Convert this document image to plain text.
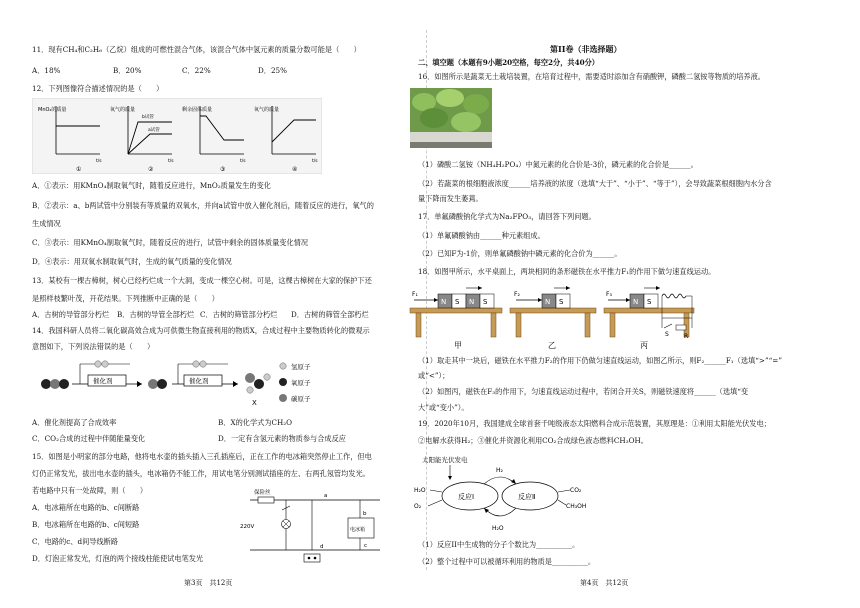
11．现有CH₄和C₂H₆（乙烷）组成的可燃性混合气体，该混合气体中氢元素的质量分数可能是（　　）
A．18%	B．20%	C．22%	D．25%
12．下列图像符合描述情况的是（　　）
MnO₂的质量
t/s
①
氧气的质量
b试管
a试管
t/s
②
剩余固体质量
t/s
③
氧气的质量
t/s
④
A．①表示：用KMnO₄制取氧气时，随着反应进行，MnO₂质量发生的变化
B．②表示：a、b两试管中分别装有等质量的双氧水，并向a试管中放入催化剂后，随着反应的进行，氧气的
生成情况
C．③表示：用KMnO₄制取氧气时，随着反应的进行，试管中剩余的固体质量变化情况
D．④表示：用双氧水制取氧气时，生成的氧气质量的变化情况
13．某校有一棵古樟树，树心已经朽烂成一个大洞，变成一棵空心树。可是，这棵古樟树在大家的保护下还
是照样枝繁叶茂，开花结果。下列推断中正确的是（　　）
A．古树的导管部分朽烂 B．古树的导管全部朽烂 C．古树的筛管部分朽烂 D．古树的筛管全部朽烂
14．我国科研人员将二氧化碳高效合成为可供微生物直接利用的物质X，合成过程中主要物质转化的微观示
意图如下，下列说法错误的是（　　）
催化剂	催化剂
X
氢原子
氧原子
碳原子
A．催化剂提高了合成效率	B．X的化学式为CH₂O
C．CO₂合成的过程中伴随能量变化	D．一定有含氢元素的物质参与合成反应
15．如图是小明家的部分电路，他将电水壶的插头插入三孔插座后，正在工作的电冰箱突然停止工作，但电
灯仍正常发光，拔出电水壶的插头，电冰箱仍不能工作，用试电笔分别测试插座的左、右两孔氖管均发光。
若电路中只有一处故障，则（　　）
A．电冰箱所在电路的b、c间断路
B．电冰箱所在电路的b、c间短路
C．电路的c、d间导线断路
D．灯泡正常发光，灯泡的两个接线柱能使试电笔发光
保险丝	a
220V
d
电冰箱
b
c
第3页　共12页
第II卷（非选择题）
二、填空题（本题有9小题20空格，每空2分，共40分）
16．如图所示是蔬菜无土栽培装置，在培育过程中，需要适时添加含有硝酸钾，磷酸二氢铵等物质的培养液。
（1）磷酸二氢铵（NH₄H₂PO₄）中氮元素的化合价是-3价，磷元素的化合价是______。
（2）若蔬菜的根细胞液浓度______培养液的浓度（选填“大于”、“小于”、“等于”），会导致蔬菜根细胞内水分含
量下降而发生萎蔫。
17．单氟磷酸钠化学式为Na₂FPO₃，请回答下列问题。
（1）单氟磷酸钠由______种元素组成。
（2）已知F为-1价，则单氟磷酸钠中磷元素的化合价为______。
18．如图甲所示，水平桌面上，两块相同的条形磁铁在水平推力F₁的作用下做匀速直线运动。
F₁
N S N S
甲
F₂
N S
乙
F₃
N S
S	R
丙
（1）取走其中一块后，磁铁在水平推力F₂的作用下仍做匀速直线运动，如图乙所示，则F₂______F₁（选填“>”“=”
或“<”）；
（2）如图丙，磁铁在F₃的作用下，匀速直线运动过程中，若闭合开关S，则磁铁速度将______（选填“变
大”或“变小”）。
19．2020年10月，我国建成全球首套千吨级液态太阳燃料合成示范装置，其原理是：①利用太阳能光伏发电；
②电解水获得H₂；③催化并资源化利用CO₂合成绿色液态燃料CH₃OH。
太阳能光伏发电
反应Ⅰ	反应Ⅱ
H₂
H₂O
H₂O
O₂
CO₂
CH₃OH
（1）反应II中生成物的分子个数比为__________。
（2）整个过程中可以被循环利用的物质是__________。
第4页　共12页
